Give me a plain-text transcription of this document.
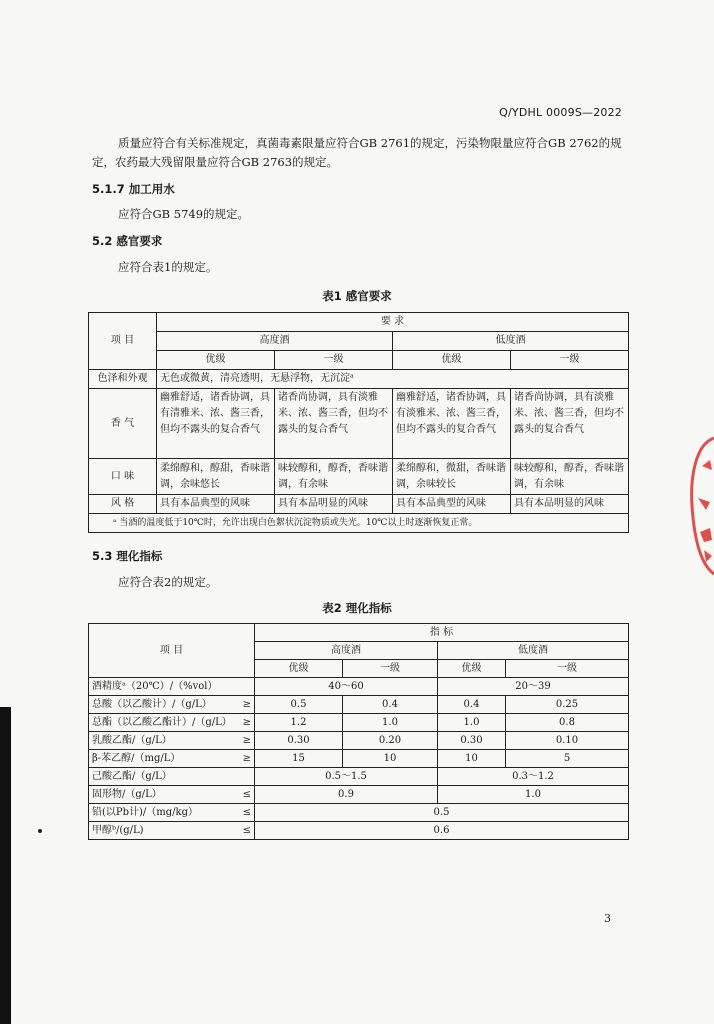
Q/YDHL 0009S—2022
质量应符合有关标准规定，真菌毒素限量应符合GB 2761的规定，污染物限量应符合GB 2762的规定，农药最大残留限量应符合GB 2763的规定。
5.1.7 加工用水
应符合GB 5749的规定。
5.2 感官要求
应符合表1的规定。
表1 感官要求
项 目	要 求			
	高度酒		低度酒	
	优级	一级	优级	一级
色泽和外观	无色或微黄，清亮透明，无悬浮物，无沉淀ᵃ			
香 气	幽雅舒适，诸香协调，具有清雅米、浓、酱三香，但均不露头的复合香气	诸香尚协调，具有淡雅米、浓、酱三香，但均不露头的复合香气	幽雅舒适，诸香协调，具有淡雅米、浓、酱三香，但均不露头的复合香气	诸香尚协调，具有淡雅米、浓、酱三香，但均不露头的复合香气
口 味	柔绵醇和，醇甜，香味谐调，余味悠长	味较醇和，醇香，香味谐调，有余味	柔绵醇和，微甜，香味谐调，余味较长	味较醇和，醇香，香味谐调，有余味
风 格	具有本品典型的风味	具有本品明显的风味	具有本品典型的风味	具有本品明显的风味
ᵃ 当酒的温度低于10℃时，允许出现白色絮状沉淀物质或失光。10℃以上时逐渐恢复正常。				
5.3 理化指标
应符合表2的规定。
表2 理化指标
项 目	指 标			
	高度酒		低度酒	
	优级	一级	优级	一级
酒精度ᵃ（20℃）/（%vol）	40～60		20～39	
总酸（以乙酸计）/（g/L） ≥	0.5	0.4	0.4	0.25
总酯（以乙酸乙酯计）/（g/L） ≥	1.2	1.0	1.0	0.8
乳酸乙酯/（g/L） ≥	0.30	0.20	0.30	0.10
β-苯乙醇/（mg/L） ≥	15	10	10	5
己酸乙酯/（g/L）	0.5～1.5		0.3～1.2	
固形物/（g/L） ≤	0.9		1.0	
铅(以Pb计)/（mg/kg） ≤	0.5			
甲醇ᵇ/(g/L) ≤	0.6			
3
